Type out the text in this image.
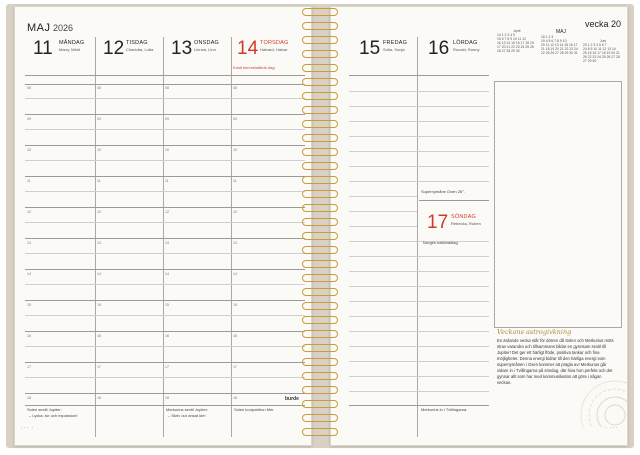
MAJ 2026
11 MÅNDAG
Marry, Märit 12 TISDAG
Charlotta, Lotta 13 ONSDAG
Linnea, Linn 14 TORSDAG
Halvard, Halvar
Kristi himmelsfärds dag
08
09
10
11
12
13
14
15
16
17
18
08
09
10
11
12
13
14
15
16
17
18
08
09
10
11
12
13
14
15
16
17
18
08
09
10
11
12
13
14
15
16
17
18
Solen sextil Jupiter:
– Lycka, tur och expansion!
Merkurius sextil Jupiter:
– Skriv our ansat ide!
Solen konjunktion Mer
burde
··· ·
vecka 20
15 FREDAG
Sofia, Sonja 16 LÖRDAG
Ronald, Ronny
April
14 1 2 3 4 5
15 6 7 8 9 10 11 12
16 13 14 15 16 17 18 19
17 20 21 22 23 24 25 26
18 27 28 29 30
MAJ
18 1 2 3
19 4 5 6 7 8 9 10
20 11 12 13 14 15 16 17
21 18 19 20 21 22 23 24
22 25 26 27 28 29 30 31
Juni
23 1 2 3 4 5 6 7
24 8 9 10 11 12 13 14
25 15 16 17 18 19 20 21
26 22 23 24 25 26 27 28
27 29 30
Supernymåne Oxen 26°.
17 SÖNDAG
Rebecka, Ruben
Norges nationaldag
Merkurius in i Tvillingarna.
Veckans astrogivkning
En ärdande vecka står för dörren då Solen och Merkurius möts strax varandra och tillsammans bildar en gynnsam sextil till Jupiter! Det ger ett härligt flöde, positiva tankar och fina möjligheter. Denna energi bidrar till den härliga energi som supernymånen i Oxen kommer att prägla av! Merkurius går vidare in i Tvillingarna på söndag, där hiva hon perfekt och det gynnar allt som har med kommunikation att göra i någon veckan.
· ···
